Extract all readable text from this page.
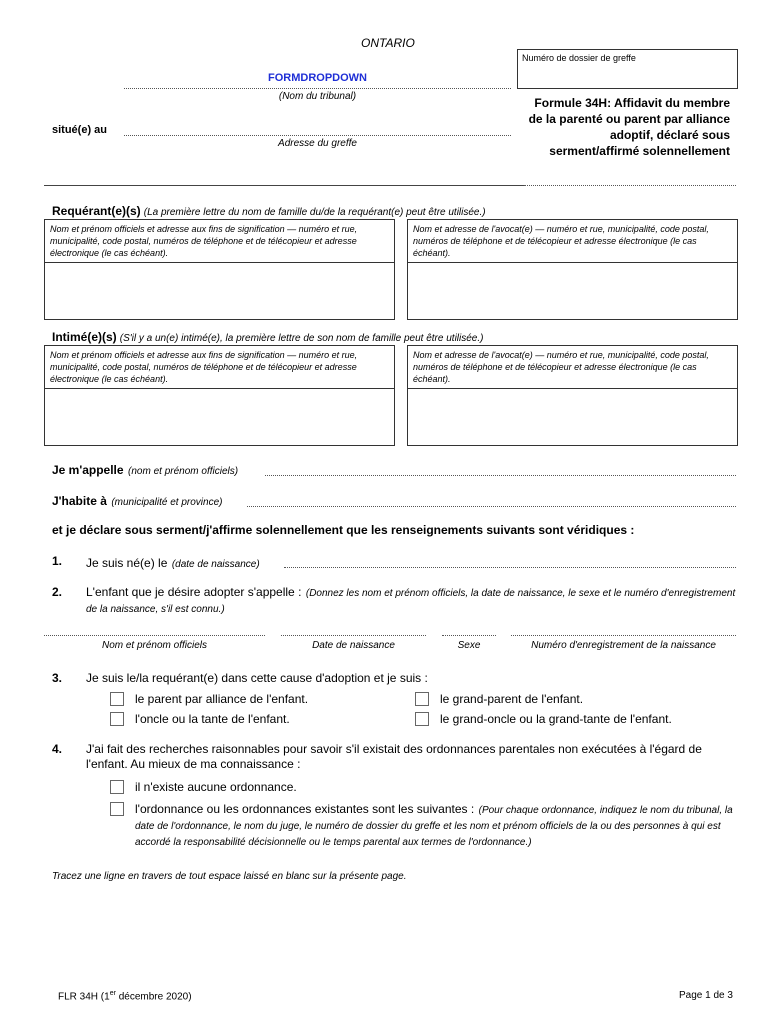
ONTARIO
Numéro de dossier de greffe
FORMDROPDOWN
(Nom du tribunal)
situé(e) au
Adresse du greffe
Formule 34H: Affidavit du membre de la parenté ou parent par alliance adoptif, déclaré sous serment/affirmé solennellement
Requérant(e)(s) (La première lettre du nom de famille du/de la requérant(e) peut être utilisée.)
Nom et prénom officiels et adresse aux fins de signification — numéro et rue, municipalité, code postal, numéros de téléphone et de télécopieur et adresse électronique (le cas échéant).
Nom et adresse de l'avocat(e) — numéro et rue, municipalité, code postal, numéros de téléphone et de télécopieur et adresse électronique (le cas échéant).
Intimé(e)(s) (S'il y a un(e) intimé(e), la première lettre de son nom de famille peut être utilisée.)
Nom et prénom officiels et adresse aux fins de signification — numéro et rue, municipalité, code postal, numéros de téléphone et de télécopieur et adresse électronique (le cas échéant).
Nom et adresse de l'avocat(e) — numéro et rue, municipalité, code postal, numéros de téléphone et de télécopieur et adresse électronique (le cas échéant).
Je m'appelle (nom et prénom officiels)
J'habite à (municipalité et province)
et je déclare sous serment/j'affirme solennellement que les renseignements suivants sont véridiques :
1. Je suis né(e) le (date de naissance)
2. L'enfant que je désire adopter s'appelle : (Donnez les nom et prénom officiels, la date de naissance, le sexe et le numéro d'enregistrement de la naissance, s'il est connu.)
Nom et prénom officiels	Date de naissance	Sexe	Numéro d'enregistrement de la naissance
3. Je suis le/la requérant(e) dans cette cause d'adoption et je suis :
le parent par alliance de l'enfant.
l'oncle ou la tante de l'enfant.
le grand-parent de l'enfant.
le grand-oncle ou la grand-tante de l'enfant.
4. J'ai fait des recherches raisonnables pour savoir s'il existait des ordonnances parentales non exécutées à l'égard de l'enfant. Au mieux de ma connaissance :
il n'existe aucune ordonnance.
l'ordonnance ou les ordonnances existantes sont les suivantes : (Pour chaque ordonnance, indiquez le nom du tribunal, la date de l'ordonnance, le nom du juge, le numéro de dossier du greffe et les nom et prénom officiels de la ou des personnes à qui est accordé la responsabilité décisionnelle ou le temps parental aux termes de l'ordonnance.)
Tracez une ligne en travers de tout espace laissé en blanc sur la présente page.
FLR 34H (1er décembre 2020)	Page 1 de 3
